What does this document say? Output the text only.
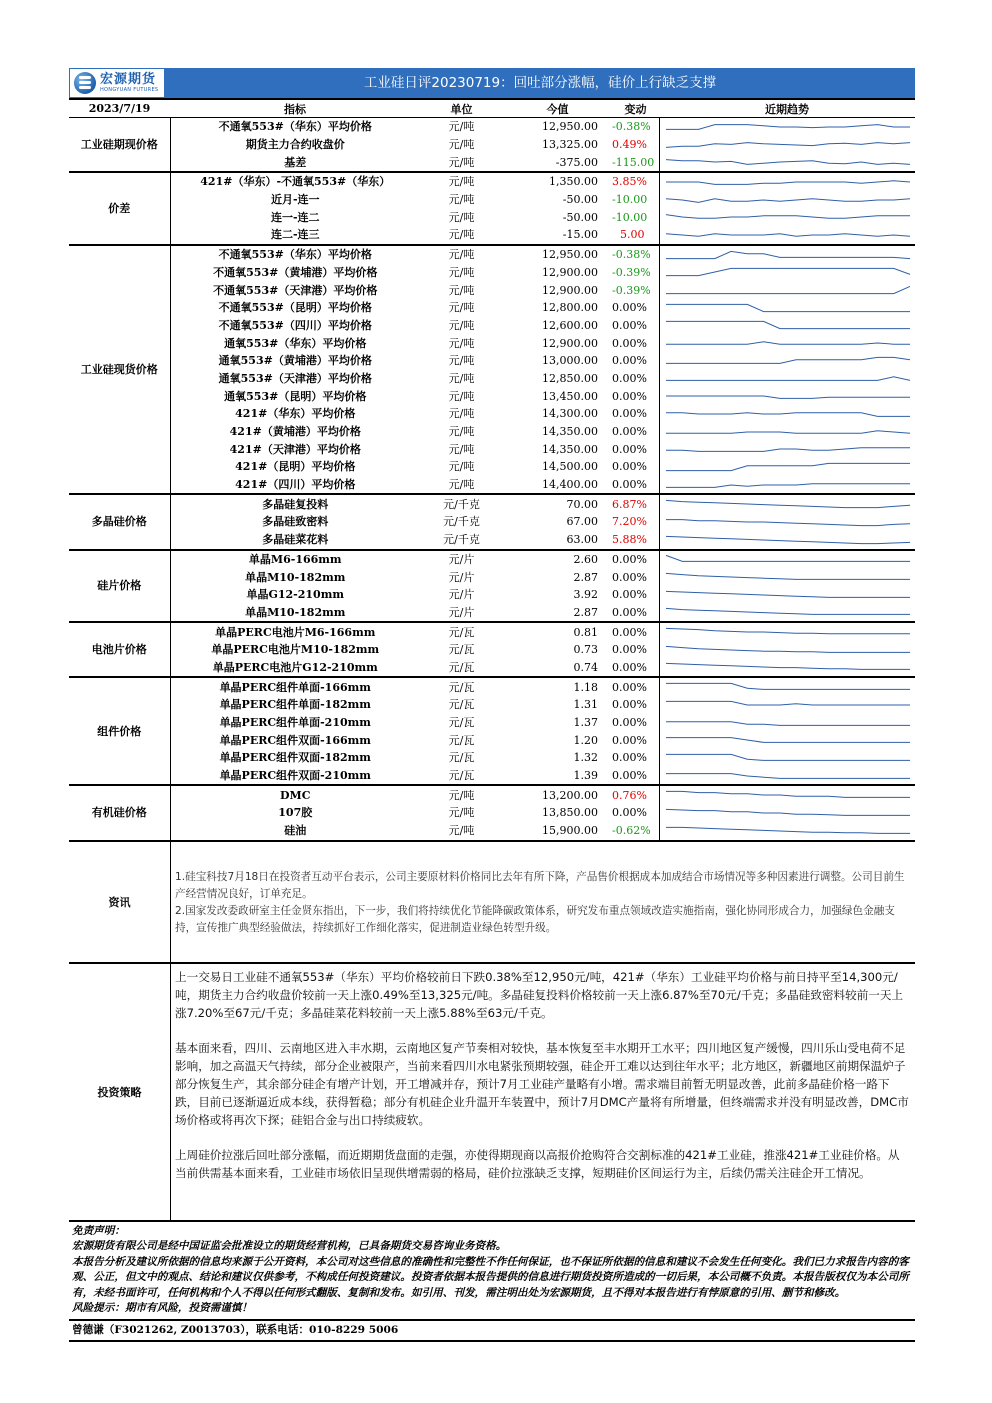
宏源期货
HONGYUAN FUTURES	工业硅日评20230719：回吐部分涨幅，硅价上行缺乏支撑
2023/7/19	指标	单位	今值	变动	近期趋势
工业硅期现价格	不通氧553#（华东）平均价格	元/吨	12,950.00	-0.38%	

	期货主力合约收盘价	元/吨	13,325.00	0.49%	

	基差	元/吨	-375.00	-115.00	

价差	421#（华东）-不通氧553#（华东）	元/吨	1,350.00	3.85%	

	近月-连一	元/吨	-50.00	-10.00	

	连一-连二	元/吨	-50.00	-10.00	

	连二-连三	元/吨	-15.00	5.00	

工业硅现货价格	不通氧553#（华东）平均价格	元/吨	12,950.00	-0.38%	

	不通氧553#（黄埔港）平均价格	元/吨	12,900.00	-0.39%	

	不通氧553#（天津港）平均价格	元/吨	12,900.00	-0.39%	

	不通氧553#（昆明）平均价格	元/吨	12,800.00	0.00%	

	不通氧553#（四川）平均价格	元/吨	12,600.00	0.00%	

	通氧553#（华东）平均价格	元/吨	12,900.00	0.00%	

	通氧553#（黄埔港）平均价格	元/吨	13,000.00	0.00%	

	通氧553#（天津港）平均价格	元/吨	12,850.00	0.00%	

	通氧553#（昆明）平均价格	元/吨	13,450.00	0.00%	

	421#（华东）平均价格	元/吨	14,300.00	0.00%	

	421#（黄埔港）平均价格	元/吨	14,350.00	0.00%	

	421#（天津港）平均价格	元/吨	14,350.00	0.00%	

	421#（昆明）平均价格	元/吨	14,500.00	0.00%	

	421#（四川）平均价格	元/吨	14,400.00	0.00%	

多晶硅价格	多晶硅复投料	元/千克	70.00	6.87%	

	多晶硅致密料	元/千克	67.00	7.20%	

	多晶硅菜花料	元/千克	63.00	5.88%	

硅片价格	单晶M6-166mm	元/片	2.60	0.00%	

	单晶M10-182mm	元/片	2.87	0.00%	

	单晶G12-210mm	元/片	3.92	0.00%	

	单晶M10-182mm	元/片	2.87	0.00%	

电池片价格	单晶PERC电池片M6-166mm	元/瓦	0.81	0.00%	

	单晶PERC电池片M10-182mm	元/瓦	0.73	0.00%	

	单晶PERC电池片G12-210mm	元/瓦	0.74	0.00%	

组件价格	单晶PERC组件单面-166mm	元/瓦	1.18	0.00%	

	单晶PERC组件单面-182mm	元/瓦	1.31	0.00%	

	单晶PERC组件单面-210mm	元/瓦	1.37	0.00%	

	单晶PERC组件双面-166mm	元/瓦	1.20	0.00%	

	单晶PERC组件双面-182mm	元/瓦	1.32	0.00%	

	单晶PERC组件双面-210mm	元/瓦	1.39	0.00%	

有机硅价格	DMC	元/吨	13,200.00	0.76%	

	107胶	元/吨	13,850.00	0.00%	

	硅油	元/吨	15,900.00	-0.62%	
资讯

1.硅宝科技7月18日在投资者互动平台表示，公司主要原材料价格同比去年有所下降，产品售价根据成本加成结合市场情况等多种因素进行调整。公司目前生产经营情况良好，订单充足。

2.国家发改委政研室主任金贤东指出，下一步，我们将持续优化节能降碳政策体系，研究发布重点领域改造实施指南，强化协同形成合力，加强绿色金融支持，宣传推广典型经验做法，持续抓好工作细化落实，促进制造业绿色转型升级。

投资策略

上一交易日工业硅不通氧553#（华东）平均价格较前日下跌0.38%至12,950元/吨，421#（华东）工业硅平均价格与前日持平至14,300元/吨，期货主力合约收盘价较前一天上涨0.49%至13,325元/吨。多晶硅复投料价格较前一天上涨6.87%至70元/千克；多晶硅致密料较前一天上涨7.20%至67元/千克；多晶硅菜花料较前一天上涨5.88%至63元/千克。

基本面来看，四川、云南地区进入丰水期，云南地区复产节奏相对较快，基本恢复至丰水期开工水平；四川地区复产缓慢，四川乐山受电荷不足影响，加之高温天气持续，部分企业被限产，当前来看四川水电紧张预期较强，硅企开工难以达到往年水平；北方地区，新疆地区前期保温炉子部分恢复生产，其余部分硅企有增产计划，开工增减并存，预计7月工业硅产量略有小增。需求端目前暂无明显改善，此前多晶硅价格一路下跌，目前已逐渐逼近成本线，获得暂稳；部分有机硅企业升温开车装置中，预计7月DMC产量将有所增量，但终端需求并没有明显改善，DMC市场价格或将再次下探；硅铝合金与出口持续疲软。

上周硅价拉涨后回吐部分涨幅，而近期期货盘面的走强，亦使得期现商以高报价抢购符合交割标准的421#工业硅，推涨421#工业硅价格。从当前供需基本面来看，工业硅市场依旧呈现供增需弱的格局，硅价拉涨缺乏支撑，短期硅价区间运行为主，后续仍需关注硅企开工情况。

免责声明：
宏源期货有限公司是经中国证监会批准设立的期货经营机构，已具备期货交易咨询业务资格。
本报告分析及建议所依据的信息均来源于公开资料，本公司对这些信息的准确性和完整性不作任何保证，也不保证所依据的信息和建议不会发生任何变化。我们已力求报告内容的客观、公正，但文中的观点、结论和建议仅供参考，不构成任何投资建议。投资者依据本报告提供的信息进行期货投资所造成的一切后果，本公司概不负责。本报告版权仅为本公司所有，未经书面许可，任何机构和个人不得以任何形式翻版、复制和发布。如引用、刊发，需注明出处为宏源期货，且不得对本报告进行有悖原意的引用、删节和修改。
风险提示：期市有风险，投资需谨慎！
曾德谦（F3021262, Z0013703），联系电话：010-8229 5006
